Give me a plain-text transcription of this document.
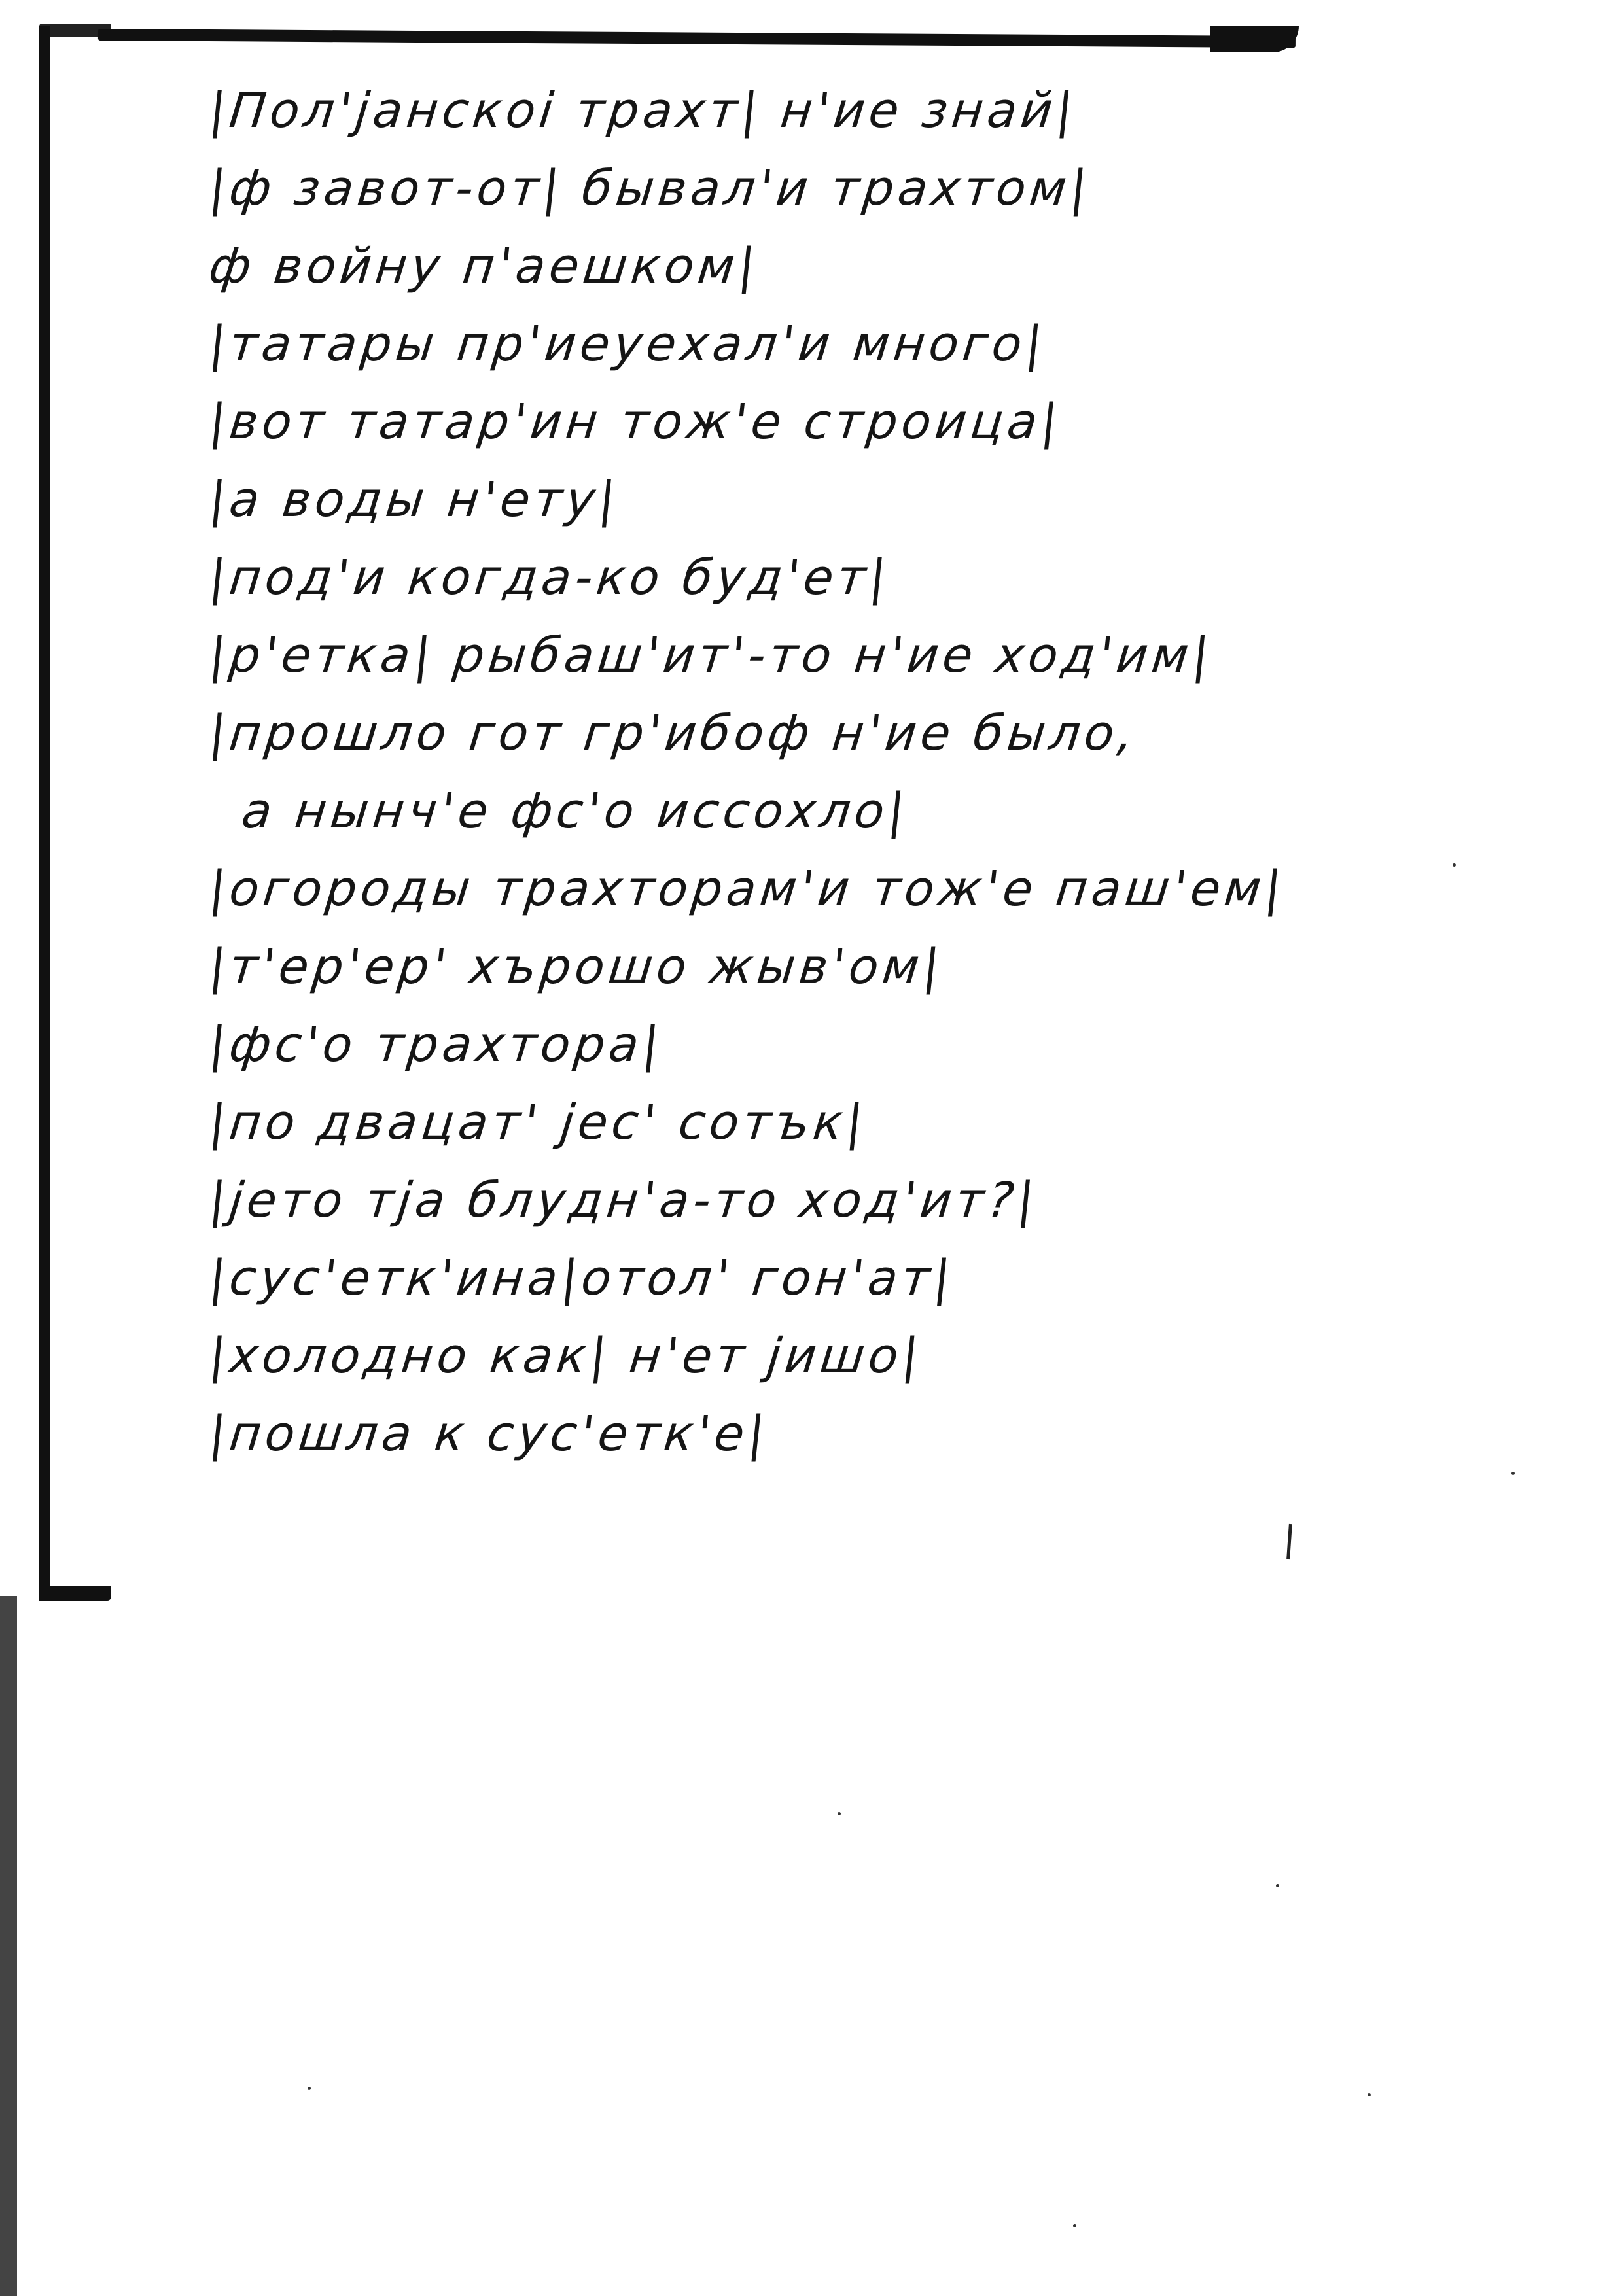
|Пол'јанскоі трахт| н'ие знай|
|ф завот-от| бывал'и трахтом|
ф войну п'аешком|
|татары пр'иеуехал'и много|
|вот татар'ин тож'е строица|
|а воды н'ету|
|под'и когда-ко буд'ет|
|р'етка| рыбаш'ит'-то н'ие ход'им|
|прошло гот гр'ибоф н'ие было,
а нынч'е фс'о иссохло|
|огороды трахторам'и тож'е паш'ем|
|т'ер'ер' хърошо жыв'ом|
|фс'о трахтора|
|по двацат' јес' сотък|
|јето тја блудн'а-то ход'ит?|
|сус'етк'ина|отол' гон'ат|
|холодно как| н'ет јишо|
|пошла к сус'етк'е|
